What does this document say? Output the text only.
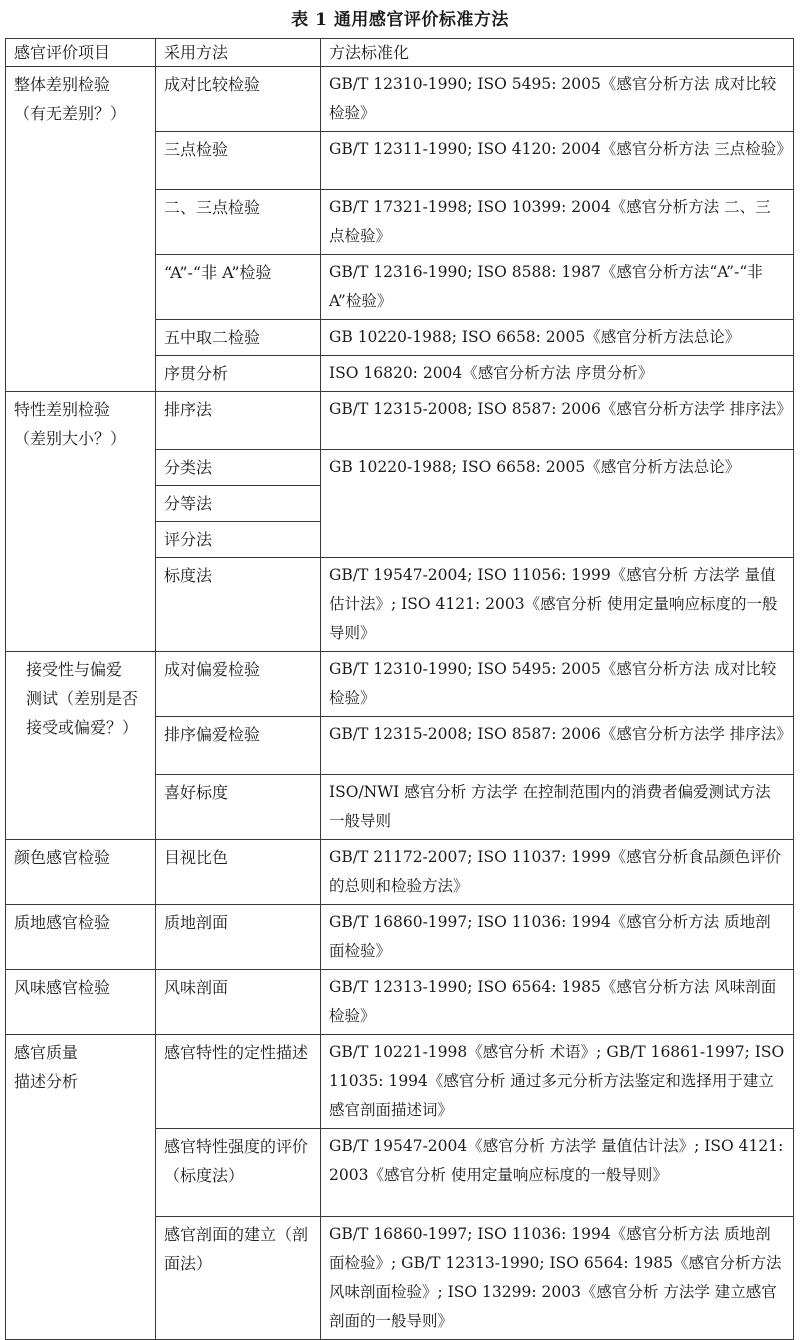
表 1 通用感官评价标准方法
感官评价项目	采用方法	方法标准化

整体差别检验
（有无差别？）	成对比较检验	GB/T 12310-1990; ISO 5495: 2005《感官分析方法 成对比较检验》
	三点检验	GB/T 12311-1990; ISO 4120: 2004《感官分析方法 三点检验》
	二、三点检验	GB/T 17321-1998; ISO 10399: 2004《感官分析方法 二、三点检验》
	“A”-“非 A”检验	GB/T 12316-1990; ISO 8588: 1987《感官分析方法“A”-“非 A”检验》
	五中取二检验	GB 10220-1988; ISO 6658: 2005《感官分析方法总论》
	序贯分析	ISO 16820: 2004《感官分析方法 序贯分析》

特性差别检验
（差别大小？）	排序法	GB/T 12315-2008; ISO 8587: 2006《感官分析方法学 排序法》
	分类法	GB 10220-1988; ISO 6658: 2005《感官分析方法总论》
	分等法	
	评分法	
	标度法	GB/T 19547-2004; ISO 11056: 1999《感官分析 方法学 量值估计法》; ISO 4121: 2003《感官分析 使用定量响应标度的一般导则》

接受性与偏爱
测试（差别是否
接受或偏爱？）	成对偏爱检验	GB/T 12310-1990; ISO 5495: 2005《感官分析方法 成对比较检验》
	排序偏爱检验	GB/T 12315-2008; ISO 8587: 2006《感官分析方法学 排序法》
	喜好标度	ISO/NWI 感官分析 方法学 在控制范围内的消费者偏爱测试方法一般导则

颜色感官检验	目视比色	GB/T 21172-2007; ISO 11037: 1999《感官分析食品颜色评价的总则和检验方法》

质地感官检验	质地剖面	GB/T 16860-1997; ISO 11036: 1994《感官分析方法 质地剖面检验》

风味感官检验	风味剖面	GB/T 12313-1990; ISO 6564: 1985《感官分析方法 风味剖面检验》

感官质量
描述分析	感官特性的定性描述	GB/T 10221-1998《感官分析 术语》; GB/T 16861-1997; ISO 11035: 1994《感官分析 通过多元分析方法鉴定和选择用于建立感官剖面描述词》
	感官特性强度的评价（标度法）	GB/T 19547-2004《感官分析 方法学 量值估计法》; ISO 4121: 2003《感官分析 使用定量响应标度的一般导则》
	感官剖面的建立（剖面法）	GB/T 16860-1997; ISO 11036: 1994《感官分析方法 质地剖面检验》; GB/T 12313-1990; ISO 6564: 1985《感官分析方法 风味剖面检验》; ISO 13299: 2003《感官分析 方法学 建立感官剖面的一般导则》
